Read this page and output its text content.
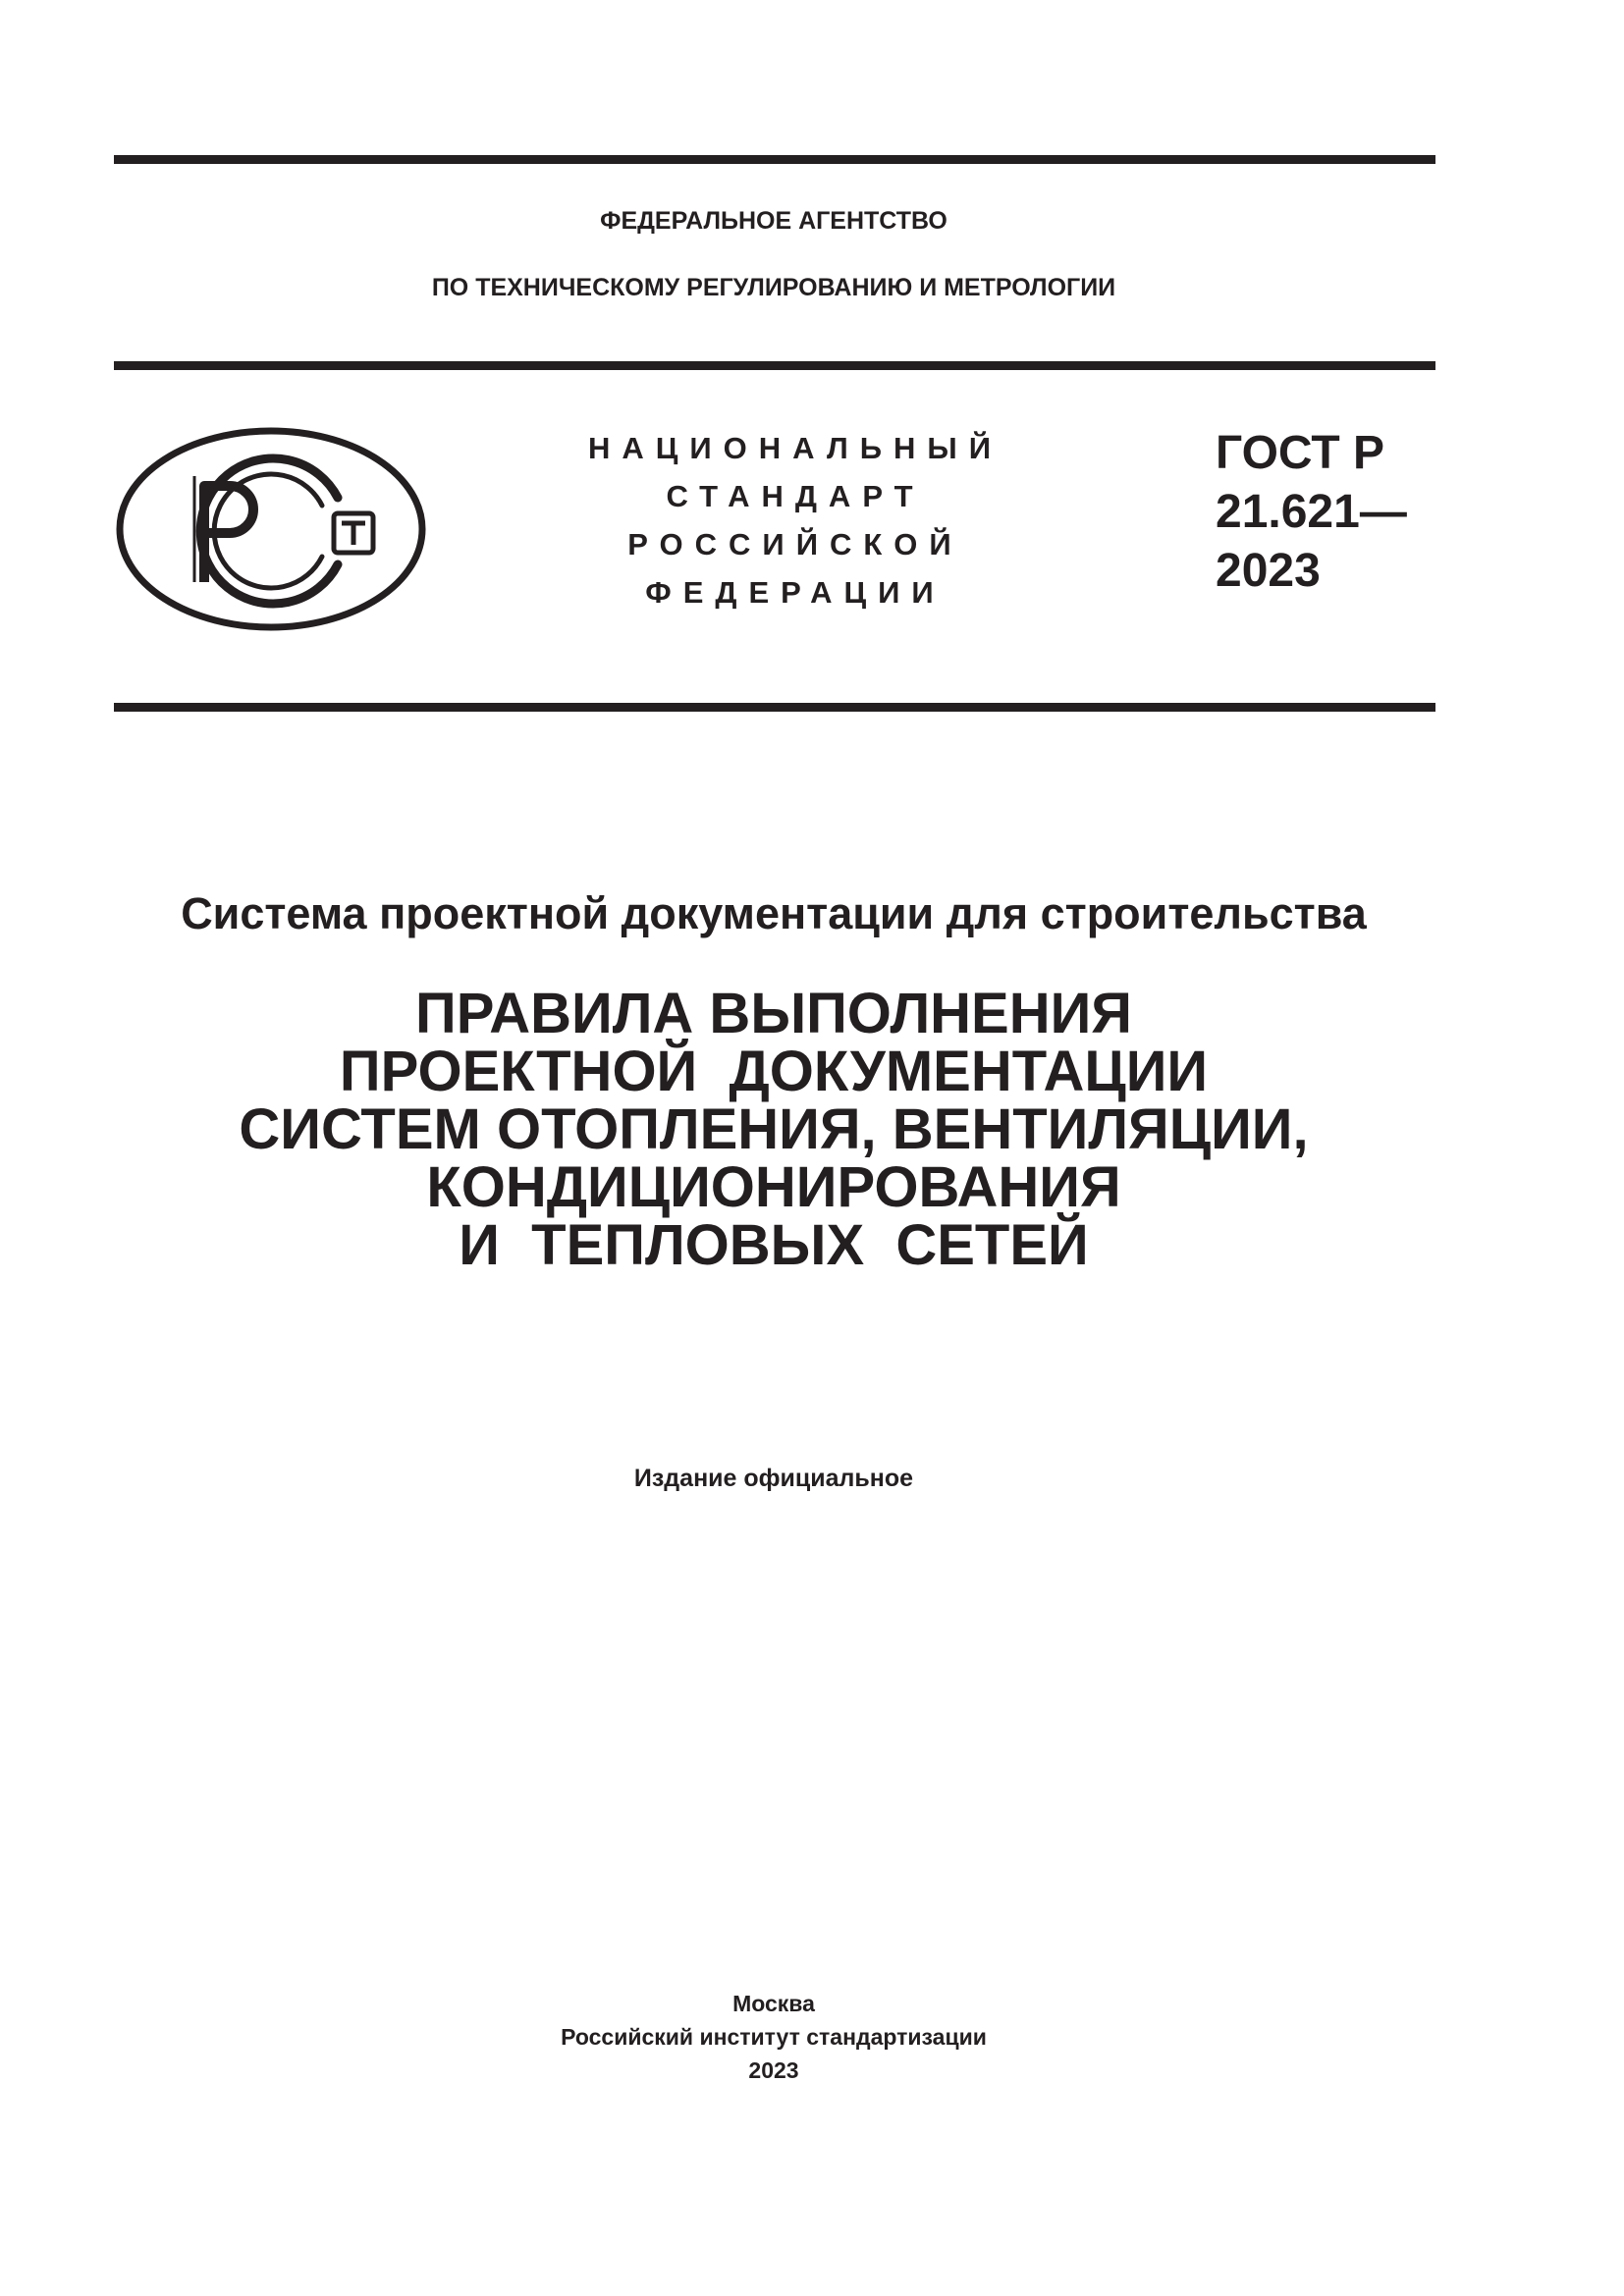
ФЕДЕРАЛЬНОЕ АГЕНТСТВО
ПО ТЕХНИЧЕСКОМУ РЕГУЛИРОВАНИЮ И МЕТРОЛОГИИ
НАЦИОНАЛЬНЫЙ
СТАНДАРТ
РОССИЙСКОЙ
ФЕДЕРАЦИИ
ГОСТ Р
21.621—
2023
Система проектной документации для строительства
ПРАВИЛА ВЫПОЛНЕНИЯ
ПРОЕКТНОЙ  ДОКУМЕНТАЦИИ
СИСТЕМ ОТОПЛЕНИЯ, ВЕНТИЛЯЦИИ,
КОНДИЦИОНИРОВАНИЯ
И  ТЕПЛОВЫХ  СЕТЕЙ
Издание официальное
Москва
Российский институт стандартизации
2023
